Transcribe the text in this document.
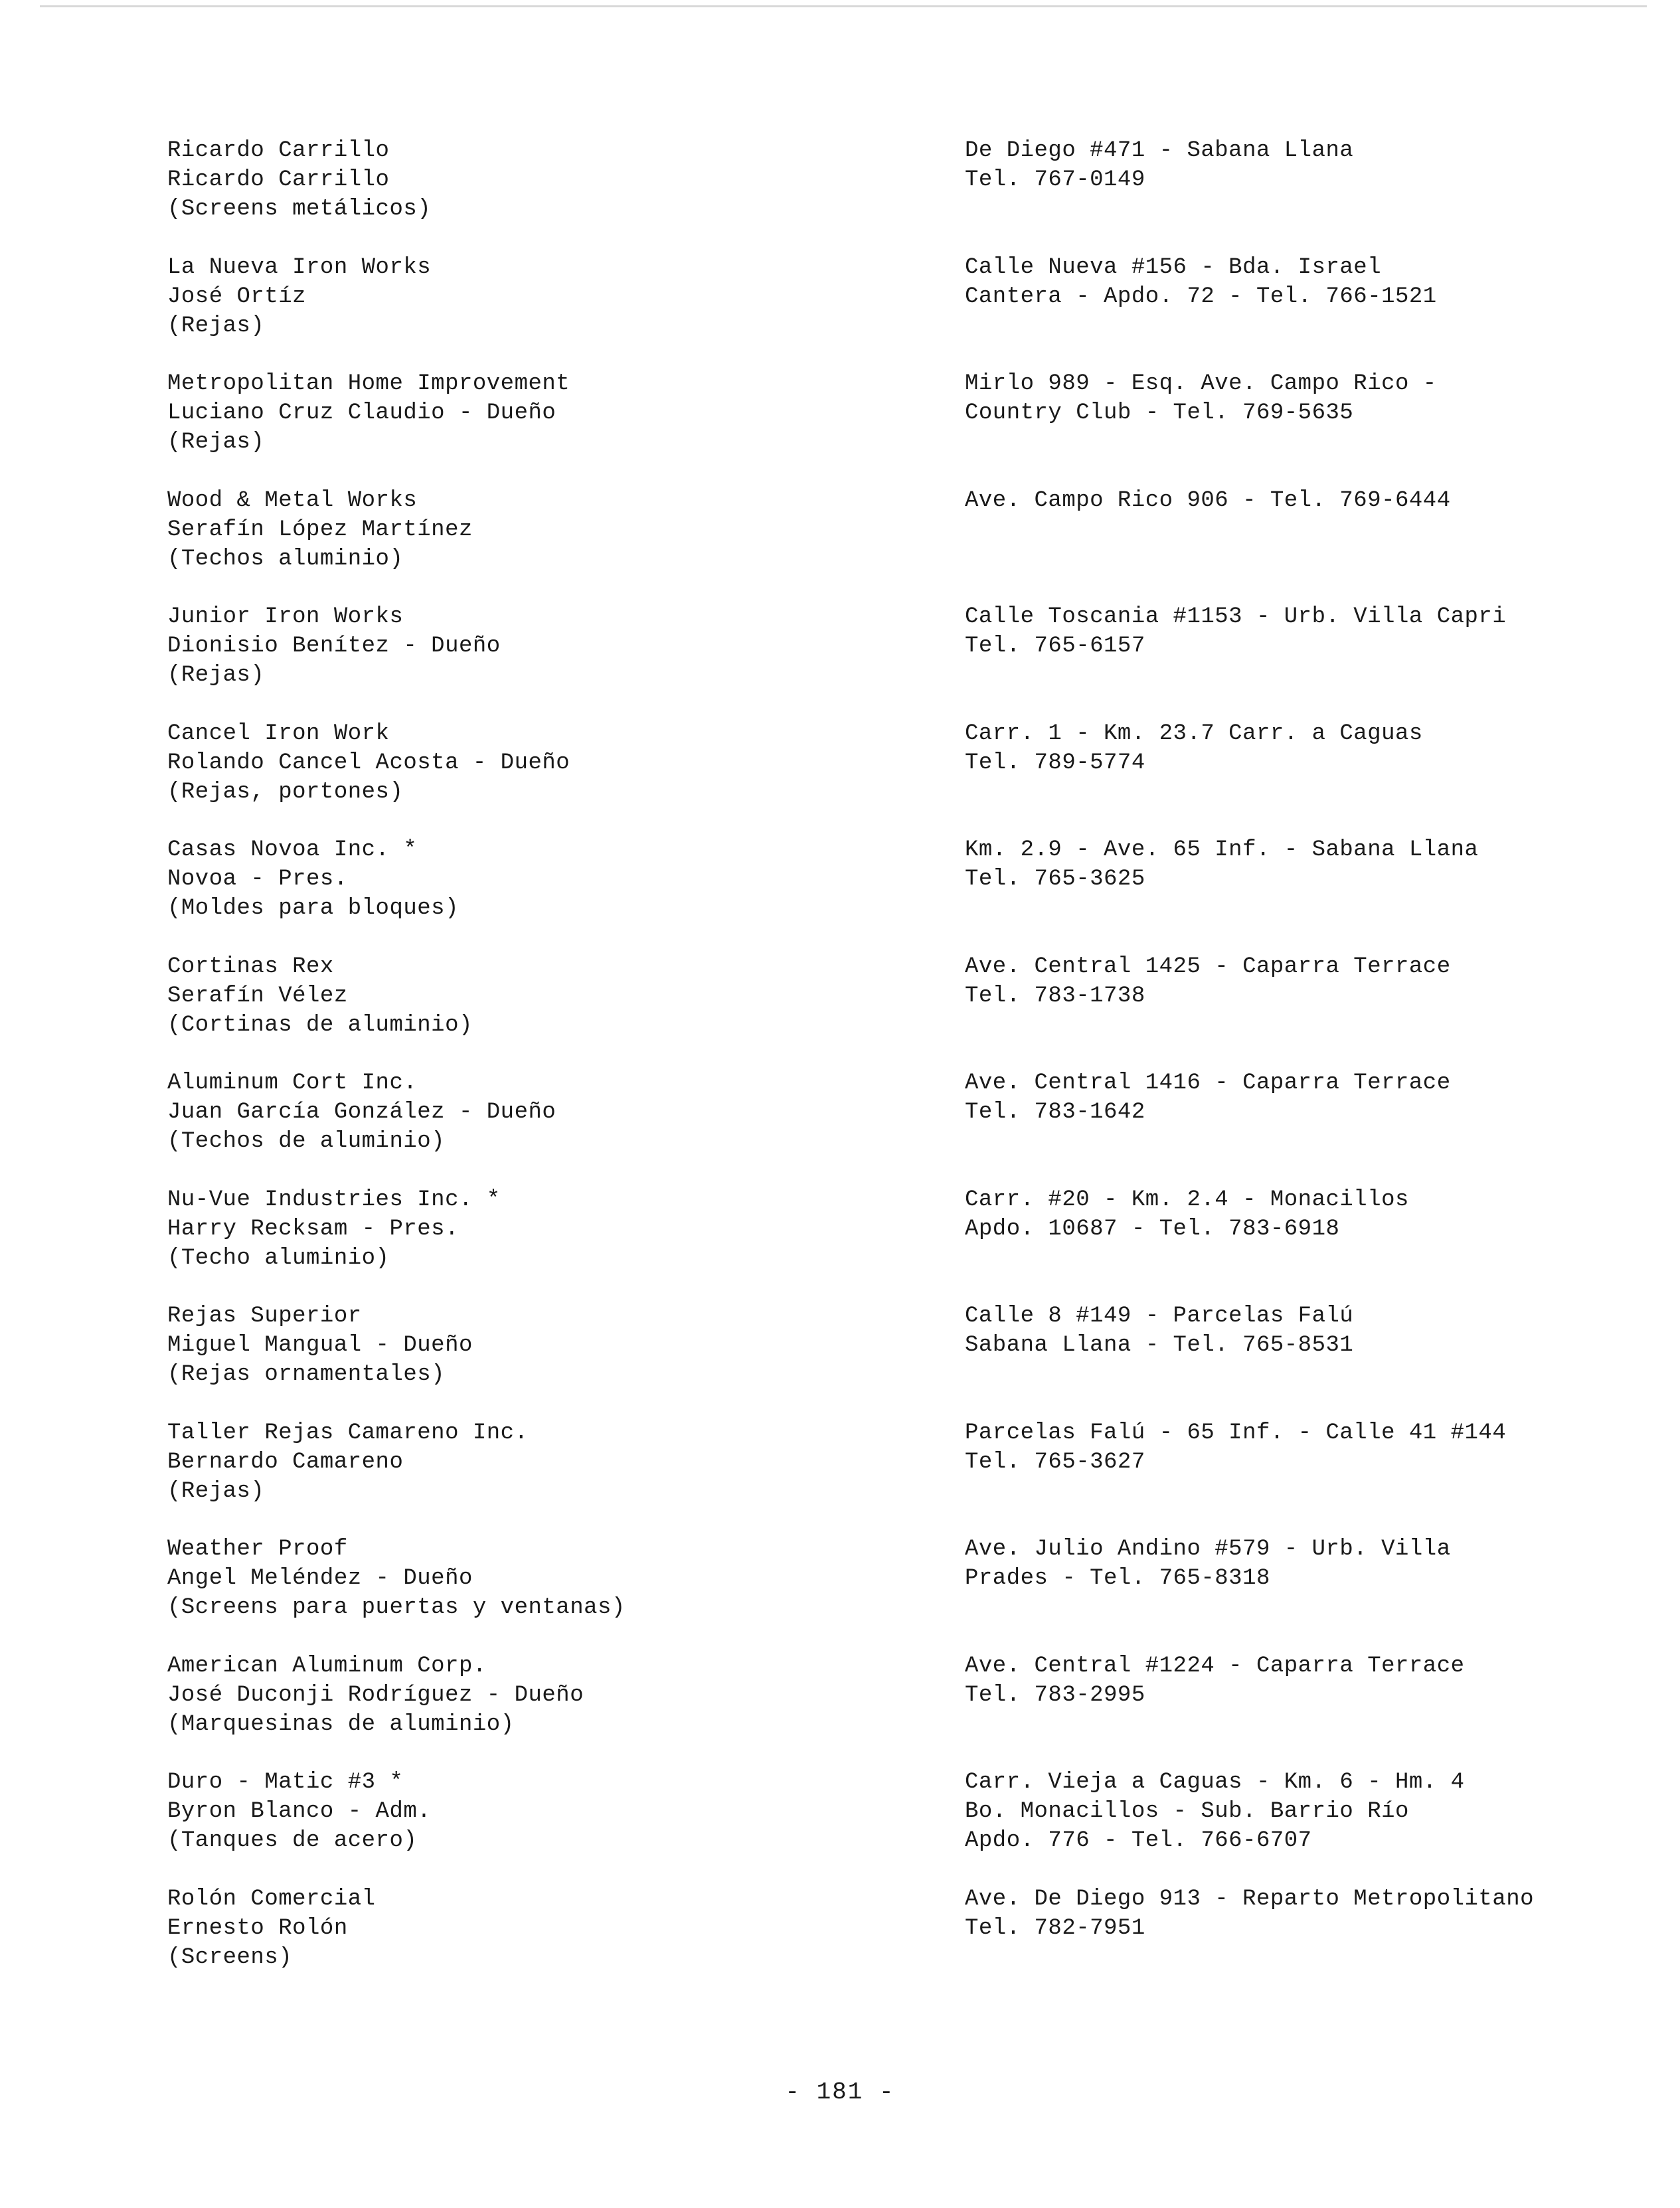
Ricardo Carrillo
Ricardo Carrillo
(Screens metálicos)
De Diego #471 - Sabana Llana
Tel. 767-0149
La Nueva Iron Works
José Ortíz
(Rejas)
Calle Nueva #156 - Bda. Israel
Cantera - Apdo. 72 - Tel. 766-1521
Metropolitan Home Improvement
Luciano Cruz Claudio - Dueño
(Rejas)
Mirlo 989 - Esq. Ave. Campo Rico -
Country Club - Tel. 769-5635
Wood & Metal Works
Serafín López Martínez
(Techos aluminio)
Ave. Campo Rico 906 - Tel. 769-6444
Junior Iron Works
Dionisio Benítez - Dueño
(Rejas)
Calle Toscania #1153 - Urb. Villa Capri
Tel. 765-6157
Cancel Iron Work
Rolando Cancel Acosta - Dueño
(Rejas, portones)
Carr. 1 - Km. 23.7 Carr. a Caguas
Tel. 789-5774
Casas Novoa Inc. *
Novoa - Pres.
(Moldes para bloques)
Km. 2.9 - Ave. 65 Inf. - Sabana Llana
Tel. 765-3625
Cortinas Rex
Serafín Vélez
(Cortinas de aluminio)
Ave. Central 1425 - Caparra Terrace
Tel. 783-1738
Aluminum Cort Inc.
Juan García González - Dueño
(Techos de aluminio)
Ave. Central 1416 - Caparra Terrace
Tel. 783-1642
Nu-Vue Industries Inc. *
Harry Recksam - Pres.
(Techo aluminio)
Carr. #20 - Km. 2.4 - Monacillos
Apdo. 10687 - Tel. 783-6918
Rejas Superior
Miguel Mangual - Dueño
(Rejas ornamentales)
Calle 8 #149 - Parcelas Falú
Sabana Llana - Tel. 765-8531
Taller Rejas Camareno Inc.
Bernardo Camareno
(Rejas)
Parcelas Falú - 65 Inf. - Calle 41 #144
Tel. 765-3627
Weather Proof
Angel Meléndez - Dueño
(Screens para puertas y ventanas)
Ave. Julio Andino #579 - Urb. Villa
Prades - Tel. 765-8318
American Aluminum Corp.
José Duconji Rodríguez - Dueño
(Marquesinas de aluminio)
Ave. Central #1224 - Caparra Terrace
Tel. 783-2995
Duro - Matic #3 *
Byron Blanco - Adm.
(Tanques de acero)
Carr. Vieja a Caguas - Km. 6 - Hm. 4
Bo. Monacillos - Sub. Barrio Río
Apdo. 776 - Tel. 766-6707
Rolón Comercial
Ernesto Rolón
(Screens)
Ave. De Diego 913 - Reparto Metropolitano
Tel. 782-7951
- 181 -
